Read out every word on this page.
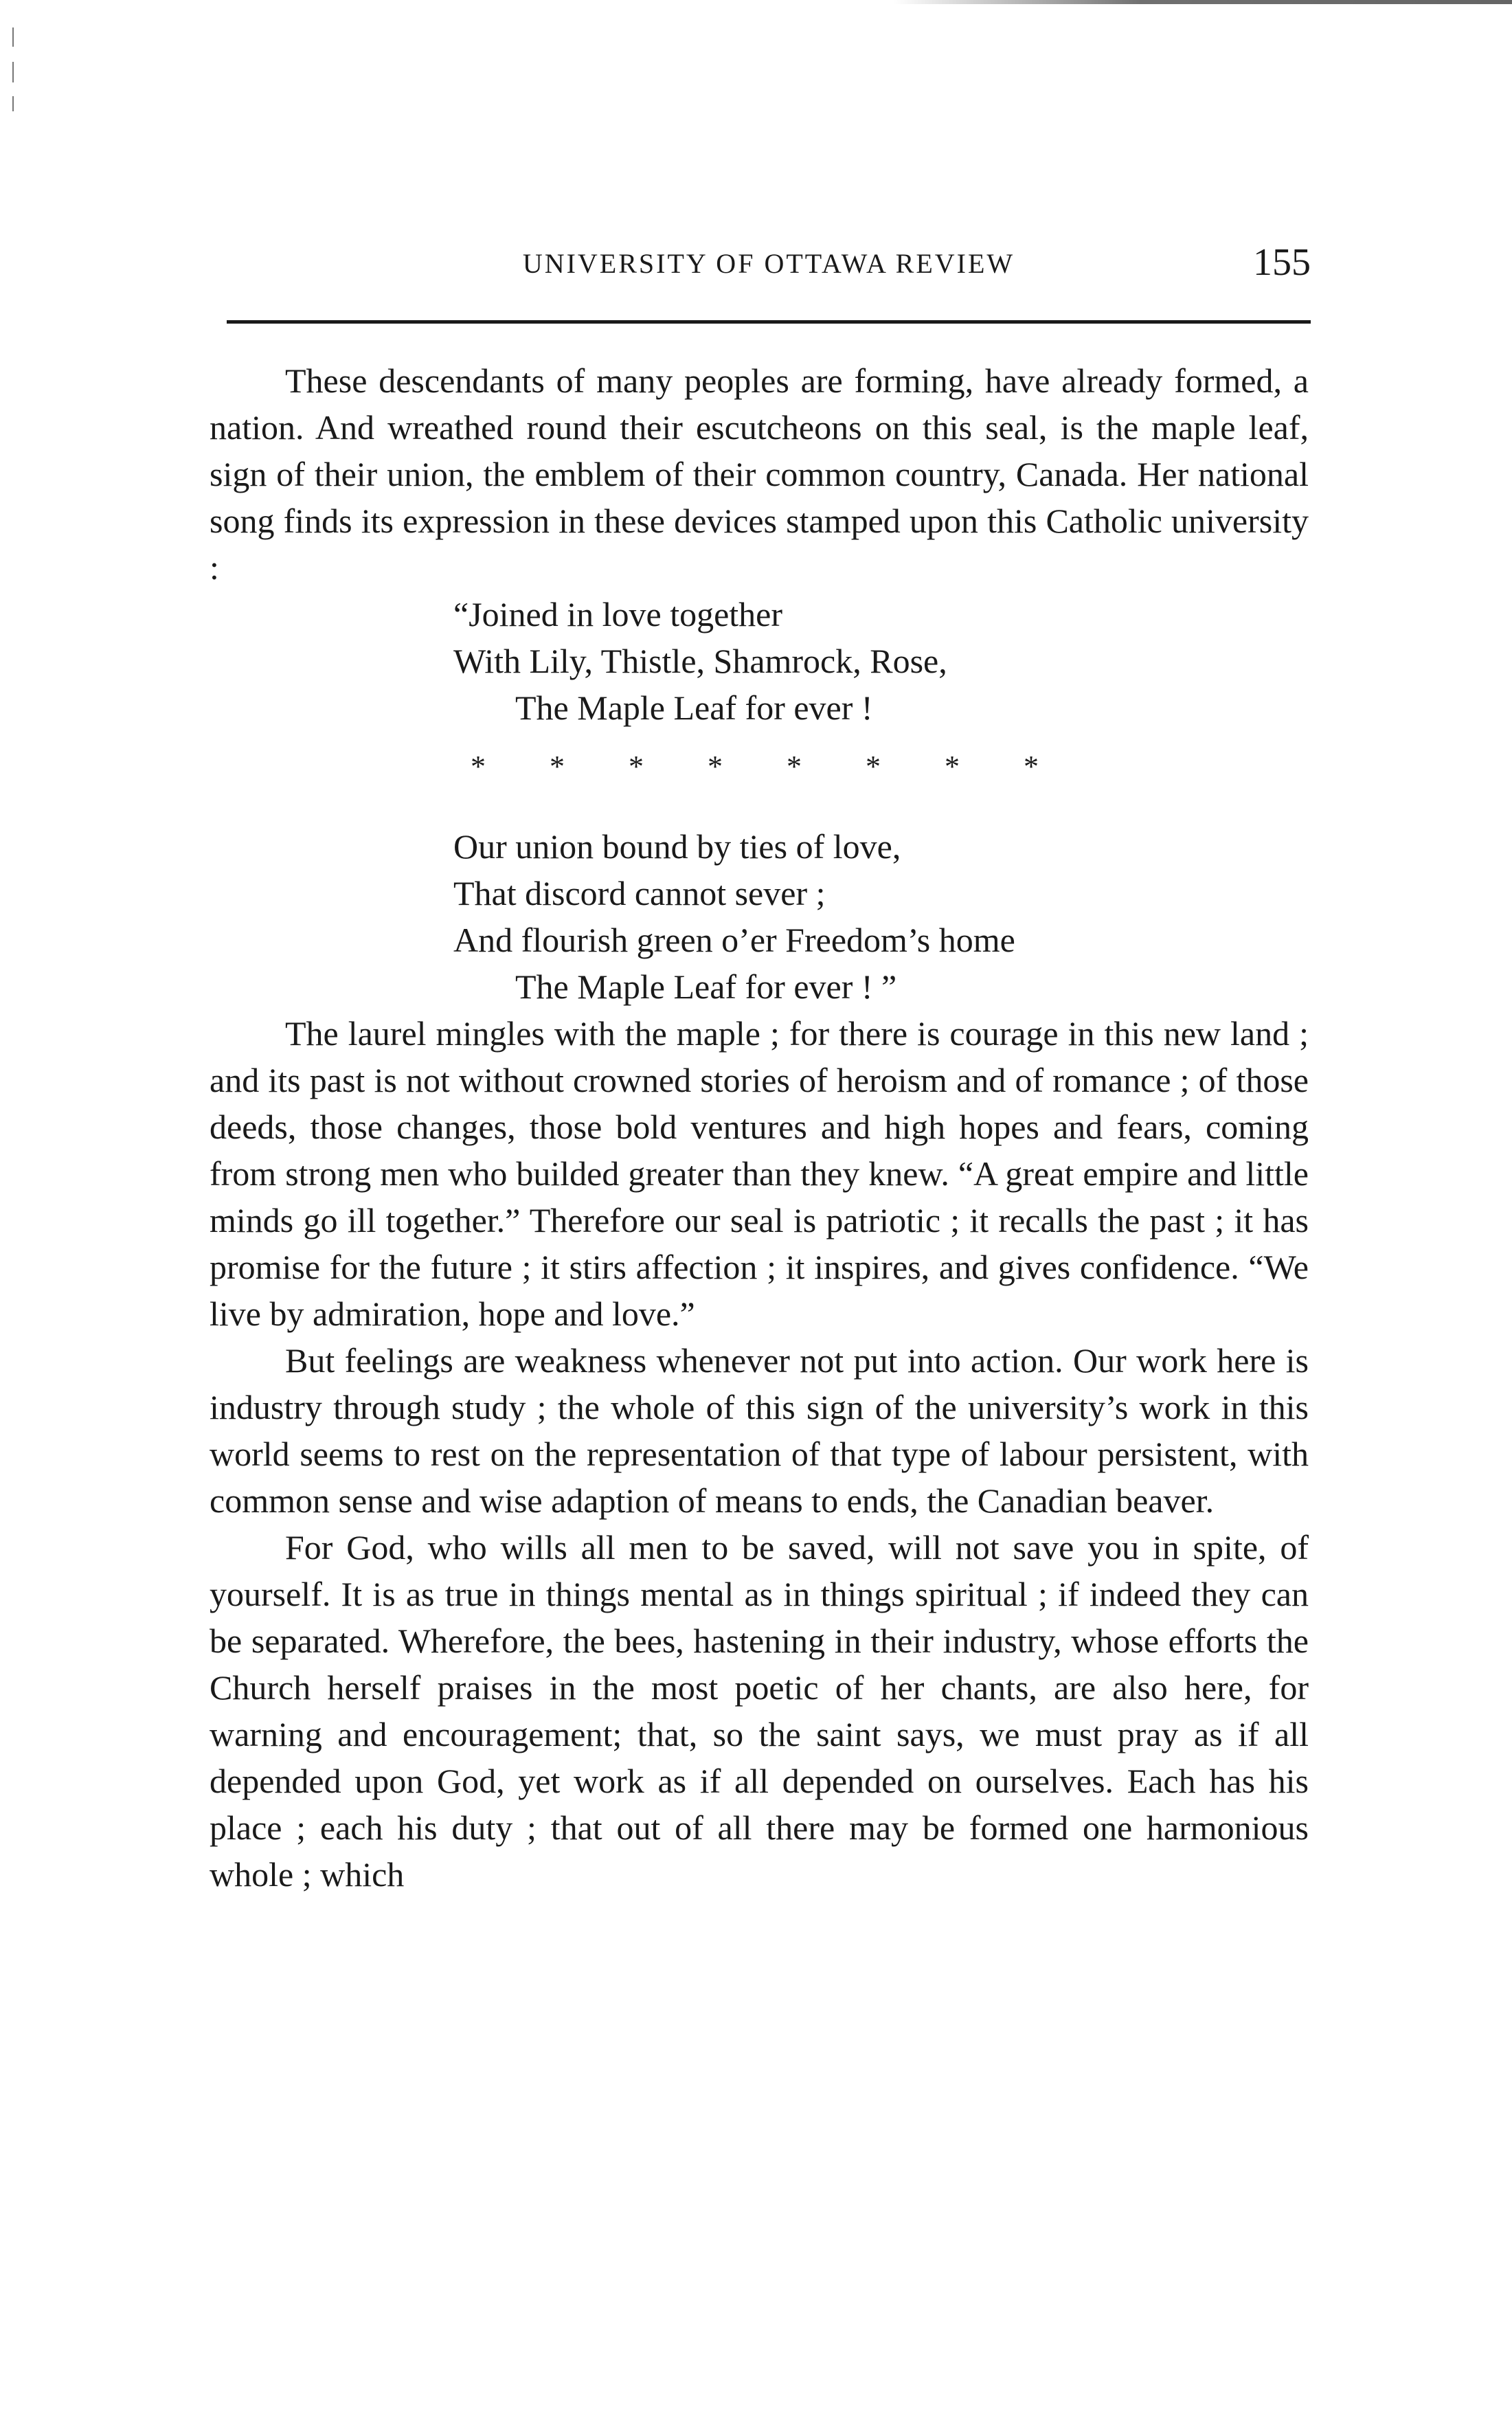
UNIVERSITY OF OTTAWA REVIEW	155

These descendants of many peoples are forming, have already formed, a nation. And wreathed round their escutcheons on this seal, is the maple leaf, sign of their union, the emblem of their common country, Canada. Her national song finds its expression in these devices stamped upon this Catholic university :

“Joined in love together
With Lily, Thistle, Shamrock, Rose,
The Maple Leaf for ever !
* * * * * * * *
Our union bound by ties of love,
That discord cannot sever ;
And flourish green o’er Freedom’s home
The Maple Leaf for ever ! ”

The laurel mingles with the maple ; for there is courage in this new land ; and its past is not without crowned stories of heroism and of romance ; of those deeds, those changes, those bold ventures and high hopes and fears, coming from strong men who builded greater than they knew. “A great empire and little minds go ill together.” Therefore our seal is patriotic ; it recalls the past ; it has promise for the future ; it stirs affection ; it inspires, and gives confidence. “We live by admiration, hope and love.”

But feelings are weakness whenever not put into action. Our work here is industry through study ; the whole of this sign of the university’s work in this world seems to rest on the representation of that type of labour persistent, with common sense and wise adaption of means to ends, the Canadian beaver.

For God, who wills all men to be saved, will not save you in spite, of yourself. It is as true in things mental as in things spiritual ; if indeed they can be separated. Wherefore, the bees, hastening in their industry, whose efforts the Church herself praises in the most poetic of her chants, are also here, for warning and encouragement; that, so the saint says, we must pray as if all depended upon God, yet work as if all depended on ourselves. Each has his place ; each his duty ; that out of all there may be formed one harmonious whole ; which
